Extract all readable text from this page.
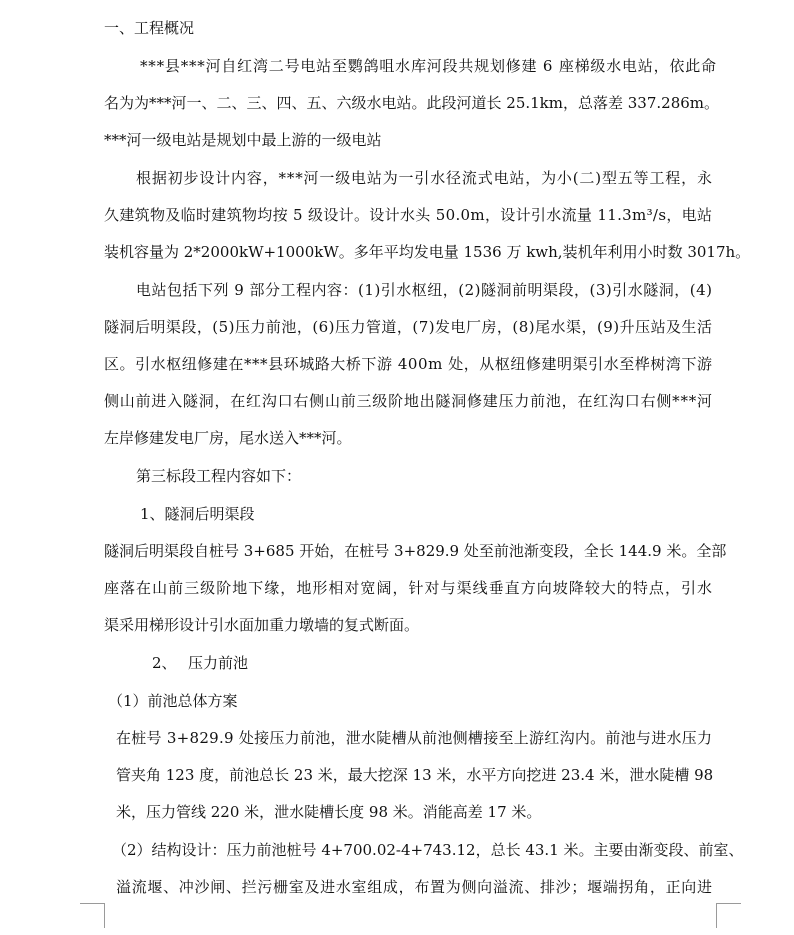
一、工程概况
***县***河自红湾二号电站至鹦鸽咀水库河段共规划修建 6 座梯级水电站，依此命
名为为***河一、二、三、四、五、六级水电站。此段河道长 25.1km，总落差 337.286m。
***河一级电站是规划中最上游的一级电站
根据初步设计内容，***河一级电站为一引水径流式电站，为小(二)型五等工程，永
久建筑物及临时建筑物均按 5 级设计。设计水头 50.0m，设计引水流量 11.3m³/s，电站
装机容量为 2*2000kW+1000kW。多年平均发电量 1536 万 kwh,装机年利用小时数 3017h。
电站包括下列 9 部分工程内容：(1)引水枢纽，(2)隧洞前明渠段，(3)引水隧洞，(4)
隧洞后明渠段，(5)压力前池，(6)压力管道，(7)发电厂房，(8)尾水渠，(9)升压站及生活
区。引水枢纽修建在***县环城路大桥下游 400m 处，从枢纽修建明渠引水至桦树湾下游
侧山前进入隧洞，在红沟口右侧山前三级阶地出隧洞修建压力前池，在红沟口右侧***河
左岸修建发电厂房，尾水送入***河。
第三标段工程内容如下：
1、隧洞后明渠段
隧洞后明渠段自桩号 3+685 开始，在桩号 3+829.9 处至前池渐变段，全长 144.9 米。全部
座落在山前三级阶地下缘，地形相对宽阔，针对与渠线垂直方向坡降较大的特点，引水
渠采用梯形设计引水面加重力墩墙的复式断面。
2、 压力前池
（1）前池总体方案
在桩号 3+829.9 处接压力前池，泄水陡槽从前池侧槽接至上游红沟内。前池与进水压力
管夹角 123 度，前池总长 23 米，最大挖深 13 米，水平方向挖进 23.4 米，泄水陡槽 98
米，压力管线 220 米，泄水陡槽长度 98 米。消能高差 17 米。
（2）结构设计：压力前池桩号 4+700.02-4+743.12，总长 43.1 米。主要由渐变段、前室、
溢流堰、冲沙闸、拦污栅室及进水室组成，布置为侧向溢流、排沙；堰端拐角，正向进
